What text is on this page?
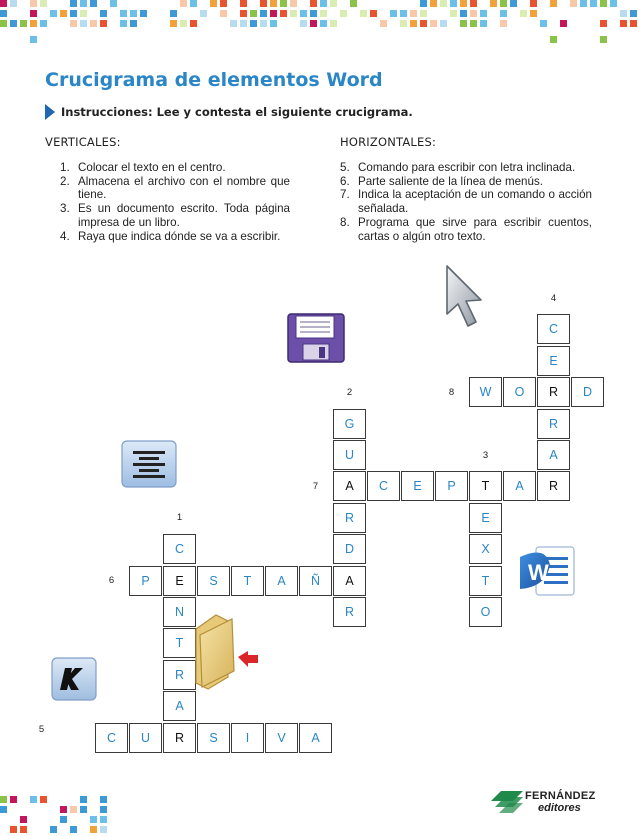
Crucigrama de elementos Word
Instrucciones: Lee y contesta el siguiente crucigrama.

VERTICALES:

1. Colocar el texto en el centro.
2. Almacena el archivo con el nombre que tiene.
3. Es un documento escrito. Toda página impresa de un libro.
4. Raya que indica dónde se va a escribir.

HORIZONTALES:

5. Comando para escribir con letra inclinada.
6. Parte saliente de la línea de menús.
7. Indica la aceptación de un comando o acción señalada.
8. Programa que sirve para escribir cuentos, cartas o algún otro texto.
C
E
W	O	R	D
G	R
U	A
A	C	E	P	T	A	R
R	E
C	D	X
P	E	S	T	A	Ñ	A	T
N	R	O
T
R
A
C	U	R	S	I	V	A
4
2	8
3
7
1
6
5
W
FERNÁNDEZ
editores
